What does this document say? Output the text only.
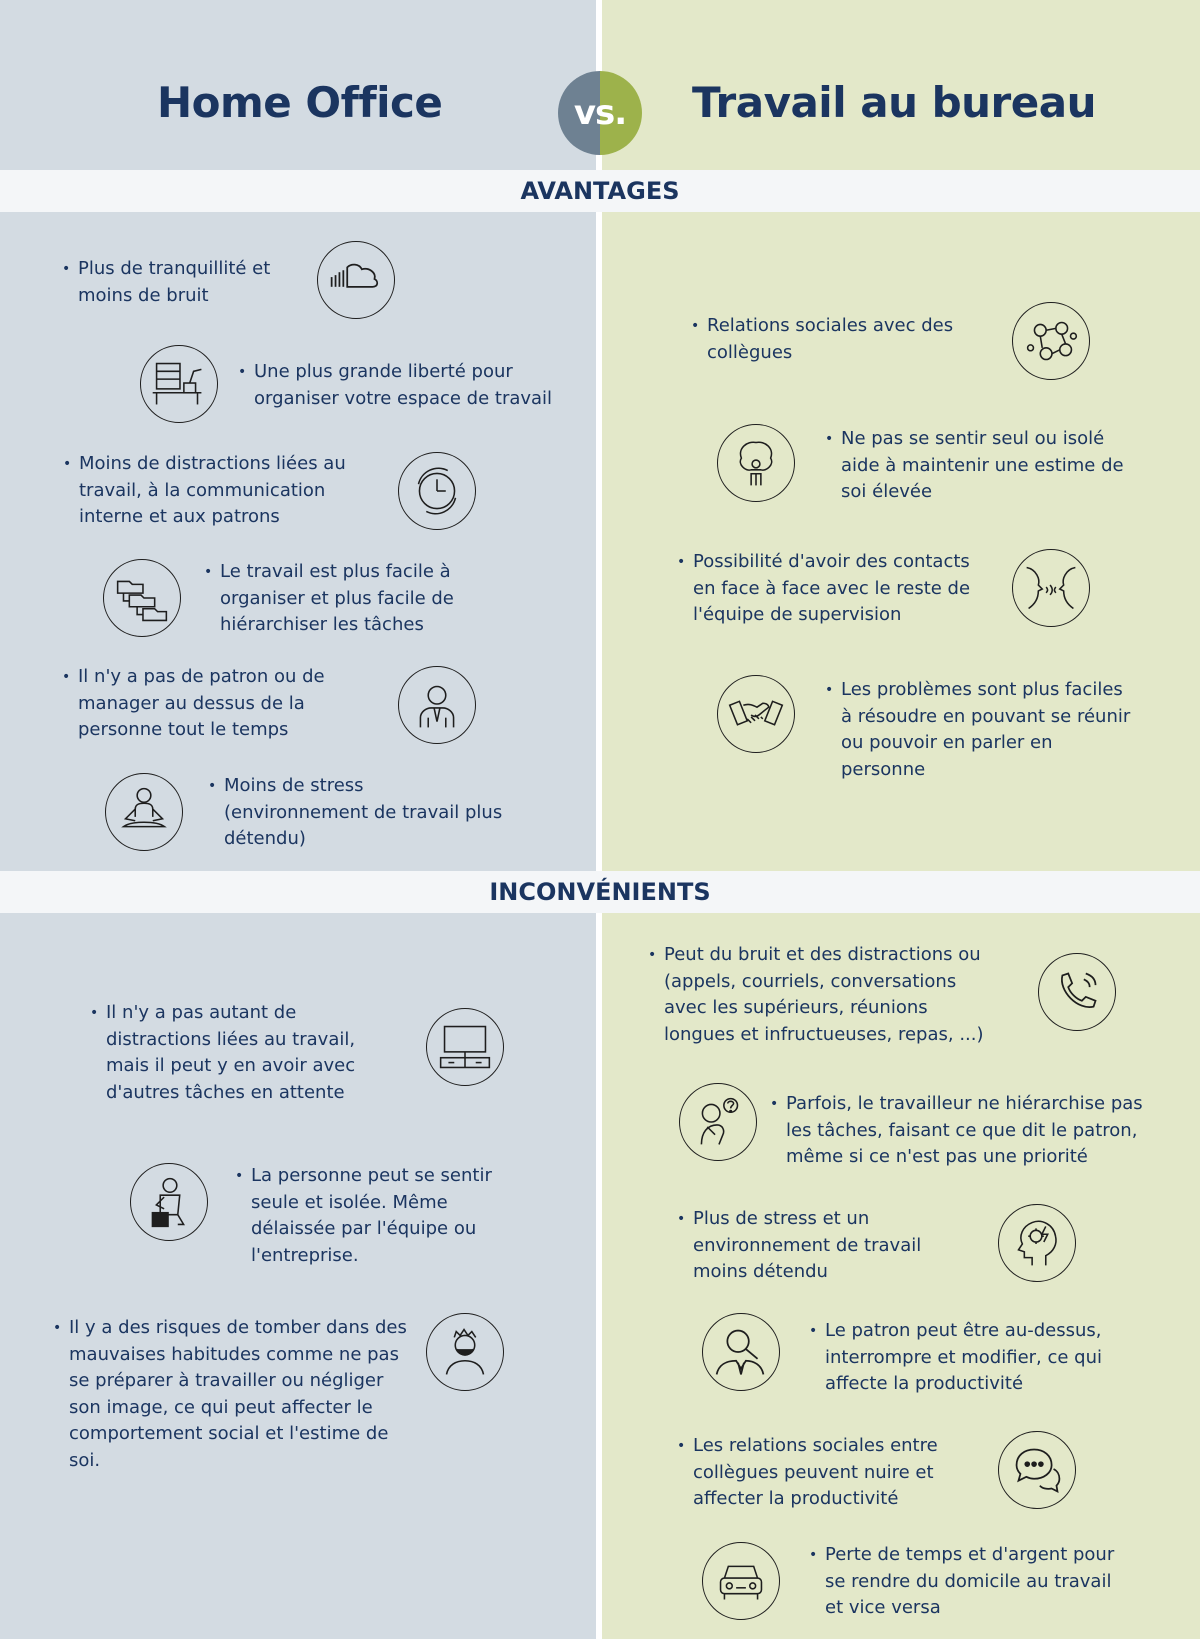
Home Office	vs. Travail au bureau
AVANTAGES
INCONVÉNIENTS
• Plus de tranquillité et moins de bruit
• Une plus grande liberté pour organiser votre espace de travail
• Moins de distractions liées au travail, à la communication interne et aux patrons
• Le travail est plus facile à organiser et plus facile de hiérarchiser les tâches
• Il n'y a pas de patron ou de manager au dessus de la personne tout le temps
• Moins de stress (environnement de travail plus détendu)
• Relations sociales avec des collègues
• Ne pas se sentir seul ou isolé aide à maintenir une estime de soi élevée
• Possibilité d'avoir des contacts en face à face avec le reste de l'équipe de supervision
• Les problèmes sont plus faciles à résoudre en pouvant se réunir ou pouvoir en parler en personne
• Il n'y a pas autant de distractions liées au travail, mais il peut y en avoir avec d'autres tâches en attente
• La personne peut se sentir seule et isolée. Même délaissée par l'équipe ou l'entreprise.
• Il y a des risques de tomber dans des mauvaises habitudes comme ne pas se préparer à travailler ou négliger son image, ce qui peut affecter le comportement social et l'estime de soi.
• Peut du bruit et des distractions ou (appels, courriels, conversations avec les supérieurs, réunions longues et infructueuses, repas, ...)
• Parfois, le travailleur ne hiérarchise pas les tâches, faisant ce que dit le patron, même si ce n'est pas une priorité
• Plus de stress et un environnement de travail moins détendu
• Le patron peut être au-dessus, interrompre et modifier, ce qui affecte la productivité
• Les relations sociales entre collègues peuvent nuire et affecter la productivité
• Perte de temps et d'argent pour se rendre du domicile au travail et vice versa
